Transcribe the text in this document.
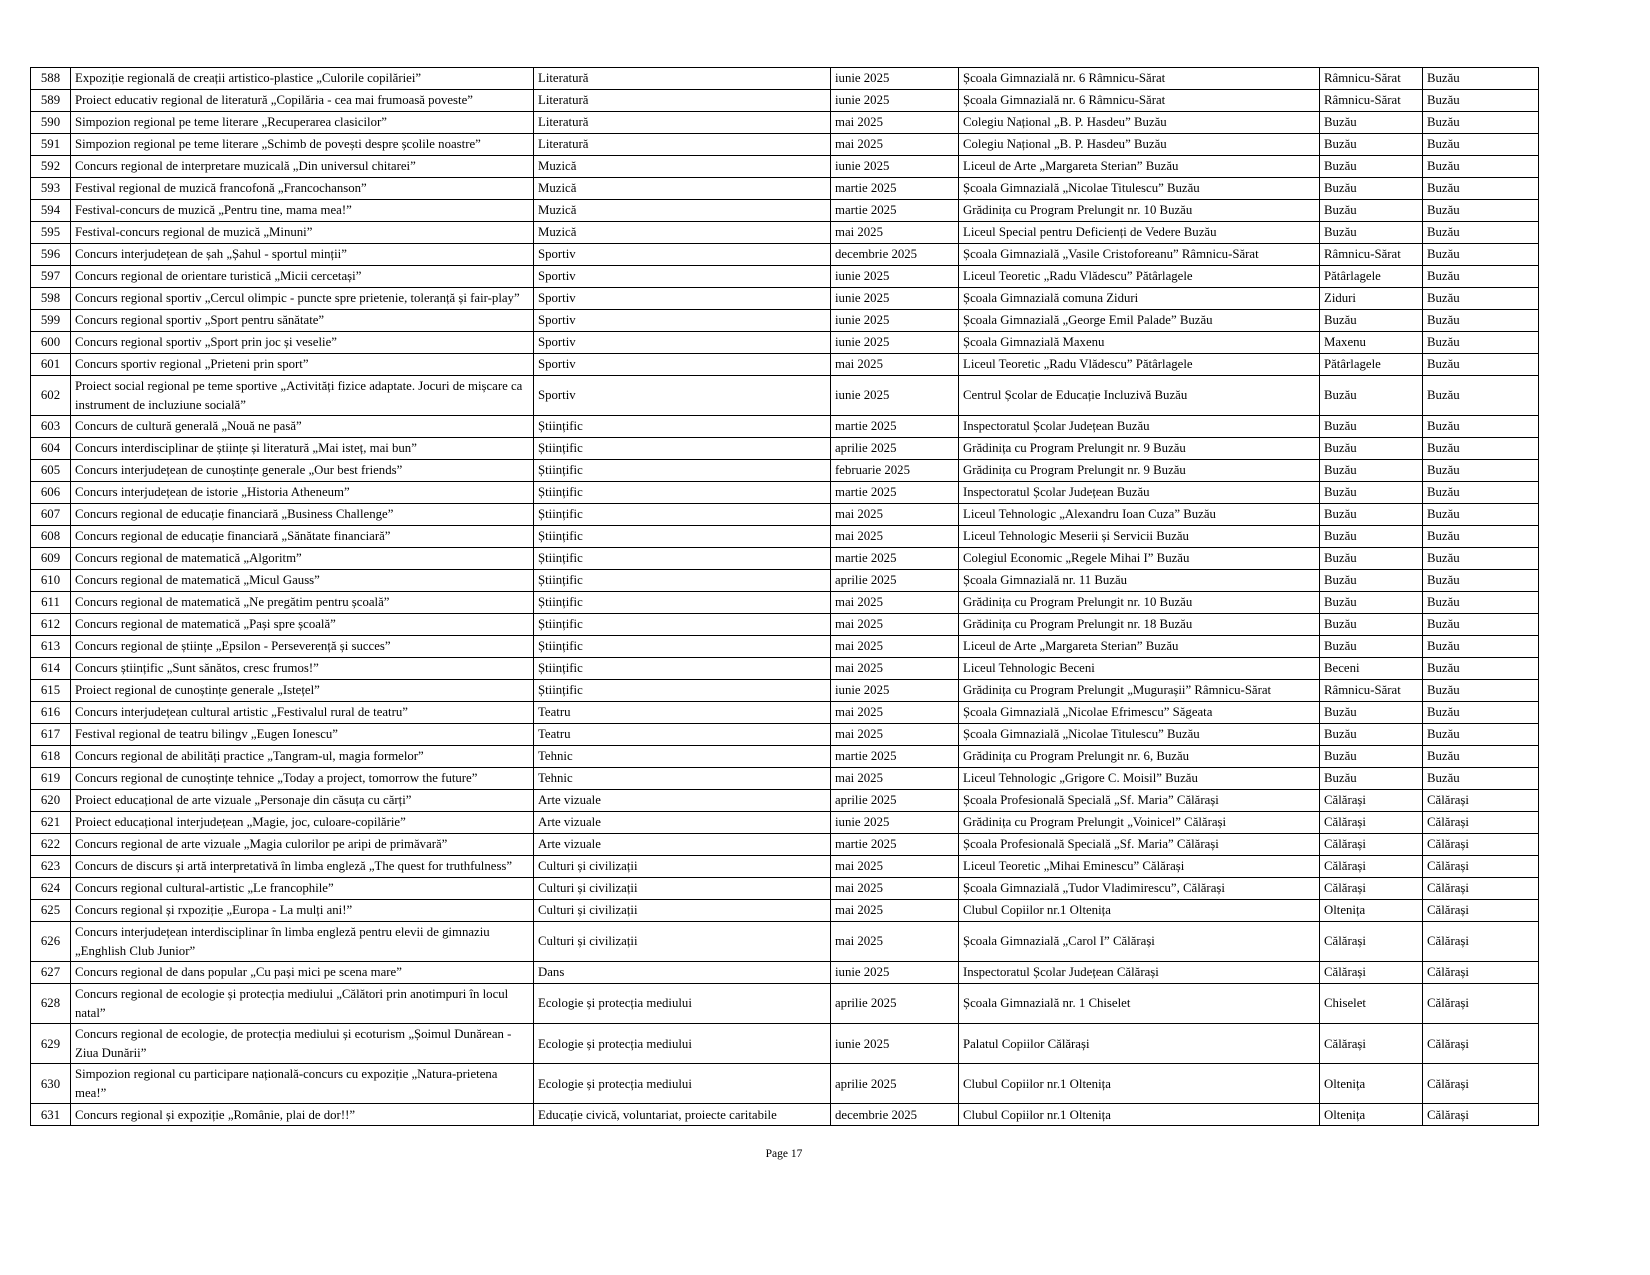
588	Expoziție regională de creații artistico-plastice „Culorile copilăriei”	Literatură	iunie 2025	Școala Gimnazială nr. 6 Râmnicu-Sărat	Râmnicu-Sărat	Buzău
589	Proiect educativ regional de literatură „Copilăria - cea mai frumoasă poveste”	Literatură	iunie 2025	Școala Gimnazială nr. 6 Râmnicu-Sărat	Râmnicu-Sărat	Buzău
590	Simpozion regional pe teme literare „Recuperarea clasicilor”	Literatură	mai 2025	Colegiu Național „B. P. Hasdeu” Buzău	Buzău	Buzău
591	Simpozion regional pe teme literare „Schimb de povești despre școlile noastre”	Literatură	mai 2025	Colegiu Național „B. P. Hasdeu” Buzău	Buzău	Buzău
592	Concurs regional de interpretare muzicală „Din universul chitarei”	Muzică	iunie 2025	Liceul de Arte „Margareta Sterian” Buzău	Buzău	Buzău
593	Festival regional de muzică francofonă „Francochanson”	Muzică	martie 2025	Școala Gimnazială „Nicolae Titulescu” Buzău	Buzău	Buzău
594	Festival-concurs de muzică „Pentru tine, mama mea!”	Muzică	martie 2025	Grădinița cu Program Prelungit nr. 10 Buzău	Buzău	Buzău
595	Festival-concurs regional de muzică „Minuni”	Muzică	mai 2025	Liceul Special pentru Deficienți de Vedere Buzău	Buzău	Buzău
596	Concurs interjudețean de șah „Șahul - sportul minții”	Sportiv	decembrie 2025	Școala Gimnazială „Vasile Cristoforeanu” Râmnicu-Sărat	Râmnicu-Sărat	Buzău
597	Concurs regional de orientare turistică „Micii cercetași”	Sportiv	iunie 2025	Liceul Teoretic „Radu Vlădescu” Pătârlagele	Pătârlagele	Buzău
598	Concurs regional sportiv „Cercul olimpic - puncte spre prietenie, toleranță și fair-play”	Sportiv	iunie 2025	Școala Gimnazială comuna Ziduri	Ziduri	Buzău
599	Concurs regional sportiv „Sport pentru sănătate”	Sportiv	iunie 2025	Școala Gimnazială „George Emil Palade” Buzău	Buzău	Buzău
600	Concurs regional sportiv „Sport prin joc și veselie”	Sportiv	iunie 2025	Școala Gimnazială Maxenu	Maxenu	Buzău
601	Concurs sportiv regional „Prieteni prin sport”	Sportiv	mai 2025	Liceul Teoretic „Radu Vlădescu” Pătârlagele	Pătârlagele	Buzău
602	Proiect social regional pe teme sportive „Activități fizice adaptate. Jocuri de mișcare ca instrument de incluziune socială”	Sportiv	iunie 2025	Centrul Școlar de Educație Incluzivă Buzău	Buzău	Buzău
603	Concurs de cultură generală „Nouă ne pasă”	Științific	martie 2025	Inspectoratul Școlar Județean Buzău	Buzău	Buzău
604	Concurs interdisciplinar de științe și literatură „Mai isteț, mai bun”	Științific	aprilie 2025	Grădinița cu Program Prelungit nr. 9 Buzău	Buzău	Buzău
605	Concurs interjudețean de cunoștințe generale „Our best friends”	Științific	februarie 2025	Grădinița cu Program Prelungit nr. 9 Buzău	Buzău	Buzău
606	Concurs interjudețean de istorie „Historia Atheneum”	Științific	martie 2025	Inspectoratul Școlar Județean Buzău	Buzău	Buzău
607	Concurs regional de educație financiară „Business Challenge”	Științific	mai 2025	Liceul Tehnologic „Alexandru Ioan Cuza” Buzău	Buzău	Buzău
608	Concurs regional de educație financiară „Sănătate financiară”	Științific	mai 2025	Liceul Tehnologic Meserii și Servicii Buzău	Buzău	Buzău
609	Concurs regional de matematică „Algoritm”	Științific	martie 2025	Colegiul Economic „Regele Mihai I” Buzău	Buzău	Buzău
610	Concurs regional de matematică „Micul Gauss”	Științific	aprilie 2025	Școala Gimnazială nr. 11 Buzău	Buzău	Buzău
611	Concurs regional de matematică „Ne pregătim pentru școală”	Științific	mai 2025	Grădinița cu Program Prelungit nr. 10 Buzău	Buzău	Buzău
612	Concurs regional de matematică „Pași spre școală”	Științific	mai 2025	Grădinița cu Program Prelungit nr. 18 Buzău	Buzău	Buzău
613	Concurs regional de științe „Epsilon - Perseverență și succes”	Științific	mai 2025	Liceul de Arte „Margareta Sterian” Buzău	Buzău	Buzău
614	Concurs științific „Sunt sănătos, cresc frumos!”	Științific	mai 2025	Liceul Tehnologic Beceni	Beceni	Buzău
615	Proiect regional de cunoștințe generale „Istețel”	Științific	iunie 2025	Grădinița cu Program Prelungit „Mugurașii” Râmnicu-Sărat	Râmnicu-Sărat	Buzău
616	Concurs interjudețean cultural artistic „Festivalul rural de teatru”	Teatru	mai 2025	Școala Gimnazială „Nicolae Efrimescu” Săgeata	Buzău	Buzău
617	Festival regional de teatru bilingv „Eugen Ionescu”	Teatru	mai 2025	Școala Gimnazială „Nicolae Titulescu” Buzău	Buzău	Buzău
618	Concurs regional de abilități practice „Tangram-ul, magia formelor”	Tehnic	martie 2025	Grădinița cu Program Prelungit nr. 6, Buzău	Buzău	Buzău
619	Concurs regional de cunoștințe tehnice „Today a project, tomorrow the future”	Tehnic	mai 2025	Liceul Tehnologic „Grigore C. Moisil” Buzău	Buzău	Buzău
620	Proiect educațional de arte vizuale „Personaje din căsuța cu cărți”	Arte vizuale	aprilie 2025	Școala Profesională Specială „Sf. Maria” Călărași	Călărași	Călărași
621	Proiect educațional interjudețean „Magie, joc, culoare-copilărie”	Arte vizuale	iunie 2025	Grădinița cu Program Prelungit „Voinicel” Călărași	Călărași	Călărași
622	Concurs regional de arte vizuale „Magia culorilor pe aripi de primăvară”	Arte vizuale	martie 2025	Școala Profesională Specială „Sf. Maria” Călărași	Călărași	Călărași
623	Concurs de discurs și artă interpretativă în limba engleză „The quest for truthfulness”	Culturi și civilizații	mai 2025	Liceul Teoretic „Mihai Eminescu” Călărași	Călărași	Călărași
624	Concurs regional cultural-artistic „Le francophile”	Culturi și civilizații	mai 2025	Școala Gimnazială „Tudor Vladimirescu”, Călărași	Călărași	Călărași
625	Concurs regional și rxpoziție „Europa - La mulți ani!”	Culturi și civilizații	mai 2025	Clubul Copiilor nr.1 Oltenița	Oltenița	Călărași
626	Concurs interjudețean interdisciplinar în limba engleză pentru elevii de gimnaziu „Enghlish Club Junior”	Culturi și civilizații	mai 2025	Școala Gimnazială „Carol I” Călărași	Călărași	Călărași
627	Concurs regional de dans popular „Cu pași mici pe scena mare”	Dans	iunie 2025	Inspectoratul Școlar Județean Călărași	Călărași	Călărași
628	Concurs regional de ecologie și protecția mediului „Călători prin anotimpuri în locul natal”	Ecologie și protecția mediului	aprilie 2025	Școala Gimnazială nr. 1 Chiselet	Chiselet	Călărași
629	Concurs regional de ecologie, de protecția mediului și ecoturism „Șoimul Dunărean - Ziua Dunării”	Ecologie și protecția mediului	iunie 2025	Palatul Copiilor Călărași	Călărași	Călărași
630	Simpozion regional cu participare națională-concurs cu expoziție „Natura-prietena mea!”	Ecologie și protecția mediului	aprilie 2025	Clubul Copiilor nr.1 Oltenița	Oltenița	Călărași
631	Concurs regional și expoziție „Românie, plai de dor!!”	Educație civică, voluntariat, proiecte caritabile	decembrie 2025	Clubul Copiilor nr.1 Oltenița	Oltenița	Călărași
Page 17
